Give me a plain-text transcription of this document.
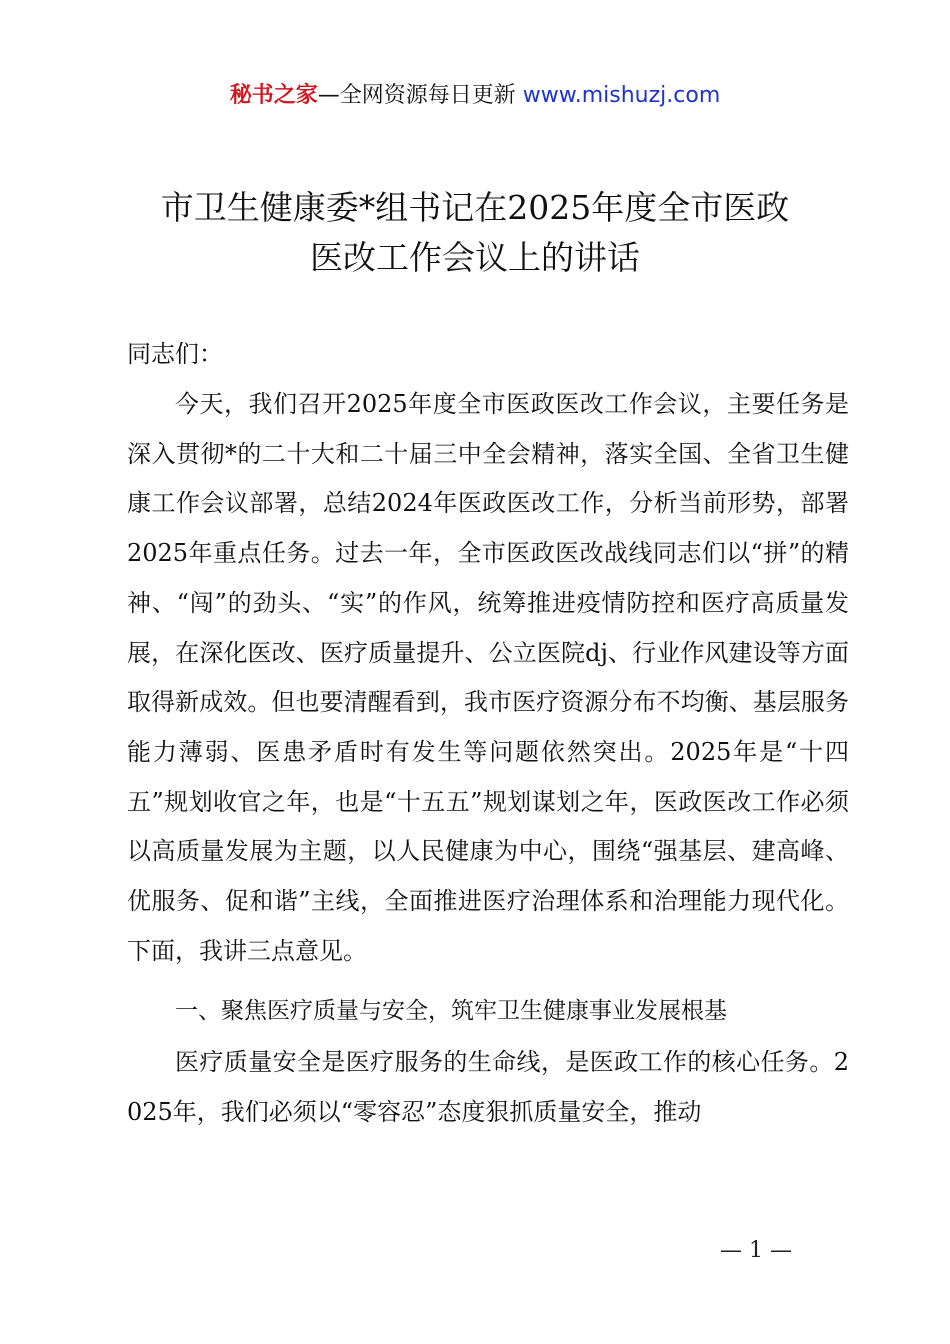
秘书之家—全网资源每日更新 www.mishuzj.com
市卫生健康委*组书记在2025年度全市医政
医改工作会议上的讲话
同志们：

今天，我们召开2025年度全市医政医改工作会议，主要任务是深入贯彻*的二十大和二十届三中全会精神，落实全国、全省卫生健康工作会议部署，总结2024年医政医改工作，分析当前形势，部署2025年重点任务。过去一年，全市医政医改战线同志们以“拼”的精神、“闯”的劲头、“实”的作风，统筹推进疫情防控和医疗高质量发展，在深化医改、医疗质量提升、公立医院dj、行业作风建设等方面取得新成效。但也要清醒看到，我市医疗资源分布不均衡、基层服务能力薄弱、医患矛盾时有发生等问题依然突出。2025年是“十四五”规划收官之年，也是“十五五”规划谋划之年，医政医改工作必须以高质量发展为主题，以人民健康为中心，围绕“强基层、建高峰、优服务、促和谐”主线，全面推进医疗治理体系和治理能力现代化。下面，我讲三点意见。

一、聚焦医疗质量与安全，筑牢卫生健康事业发展根基

医疗质量安全是医疗服务的生命线，是医政工作的核心任务。2025年，我们必须以“零容忍”态度狠抓质量安全，推动

— 1 —
